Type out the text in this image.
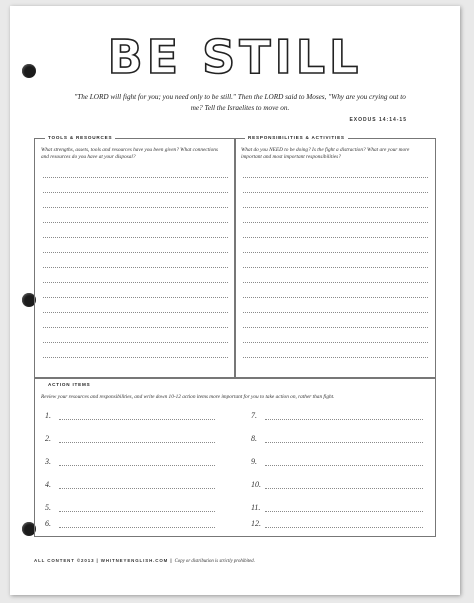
BE STILL
"The LORD will fight for you; you need only to be still." Then the LORD said to Moses, "Why are you crying out to me? Tell the Israelites to move on.
EXODUS 14:14-15
TOOLS & RESOURCES
What strengths, assets, tools and resources have you been given? What connections and resources do you have at your disposal?
RESPONSIBILITIES & ACTIVITIES
What do you NEED to be doing? Is the fight a distraction? What are your more important and most important responsibilities?
ACTION ITEMS
Review your resources and responsibilities, and write down 10-12 action items more important for you to take action on, rather than fight.
1.
2.
3.
4.
5.
6.
7.
8.
9.
10.
11.
12.
ALL CONTENT ©2013 | WHITNEYENGLISH.COM | Copy or distribution is strictly prohibited.
